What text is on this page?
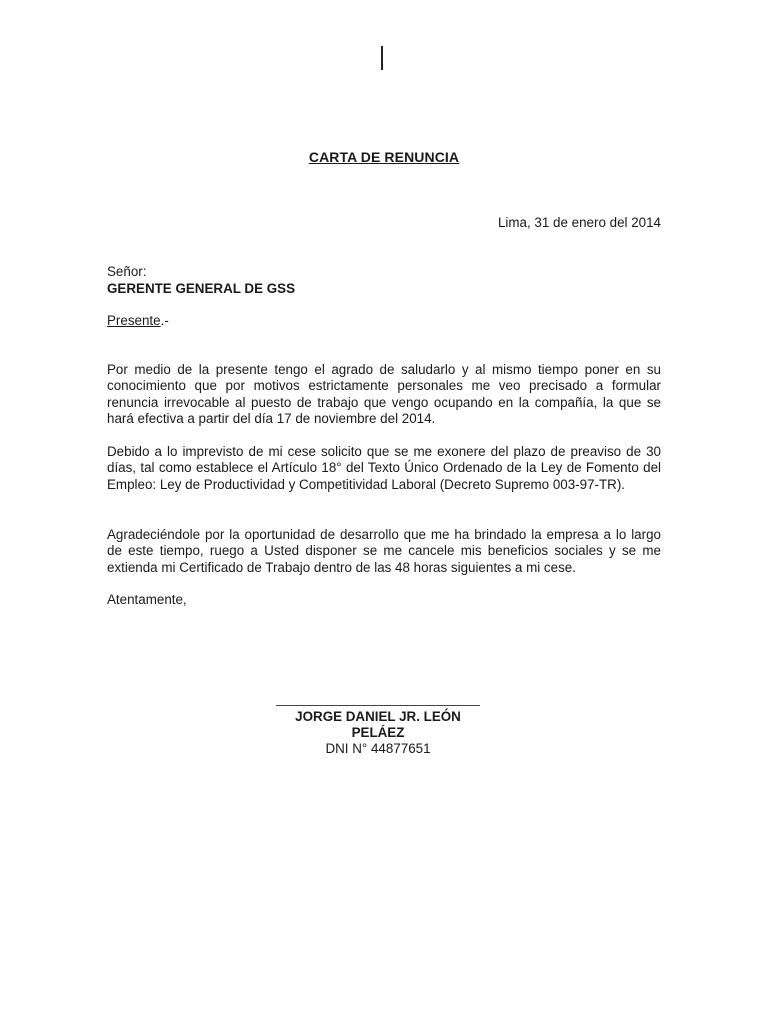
CARTA DE RENUNCIA
Lima, 31 de enero del 2014
Señor:
GERENTE GENERAL DE GSS
Presente.-
Por medio de la presente tengo el agrado de saludarlo y al mismo tiempo poner en su conocimiento que por motivos estrictamente personales me veo precisado a formular renuncia irrevocable al puesto de trabajo que vengo ocupando en la compañía, la que se hará efectiva a partir del día 17 de noviembre del 2014.
Debido a lo imprevisto de mi cese solicito que se me exonere del plazo de preaviso de 30 días, tal como establece el Artículo 18° del Texto Único Ordenado de la Ley de Fomento del Empleo: Ley de Productividad y Competitividad Laboral (Decreto Supremo 003-97-TR).
Agradeciéndole por la oportunidad de desarrollo que me ha brindado la empresa a lo largo de este tiempo, ruego a Usted disponer se me cancele mis beneficios sociales y se me extienda mi Certificado de Trabajo dentro de las 48 horas siguientes a mi cese.
Atentamente,
JORGE DANIEL JR. LEÓN PELÁEZ
DNI N° 44877651
